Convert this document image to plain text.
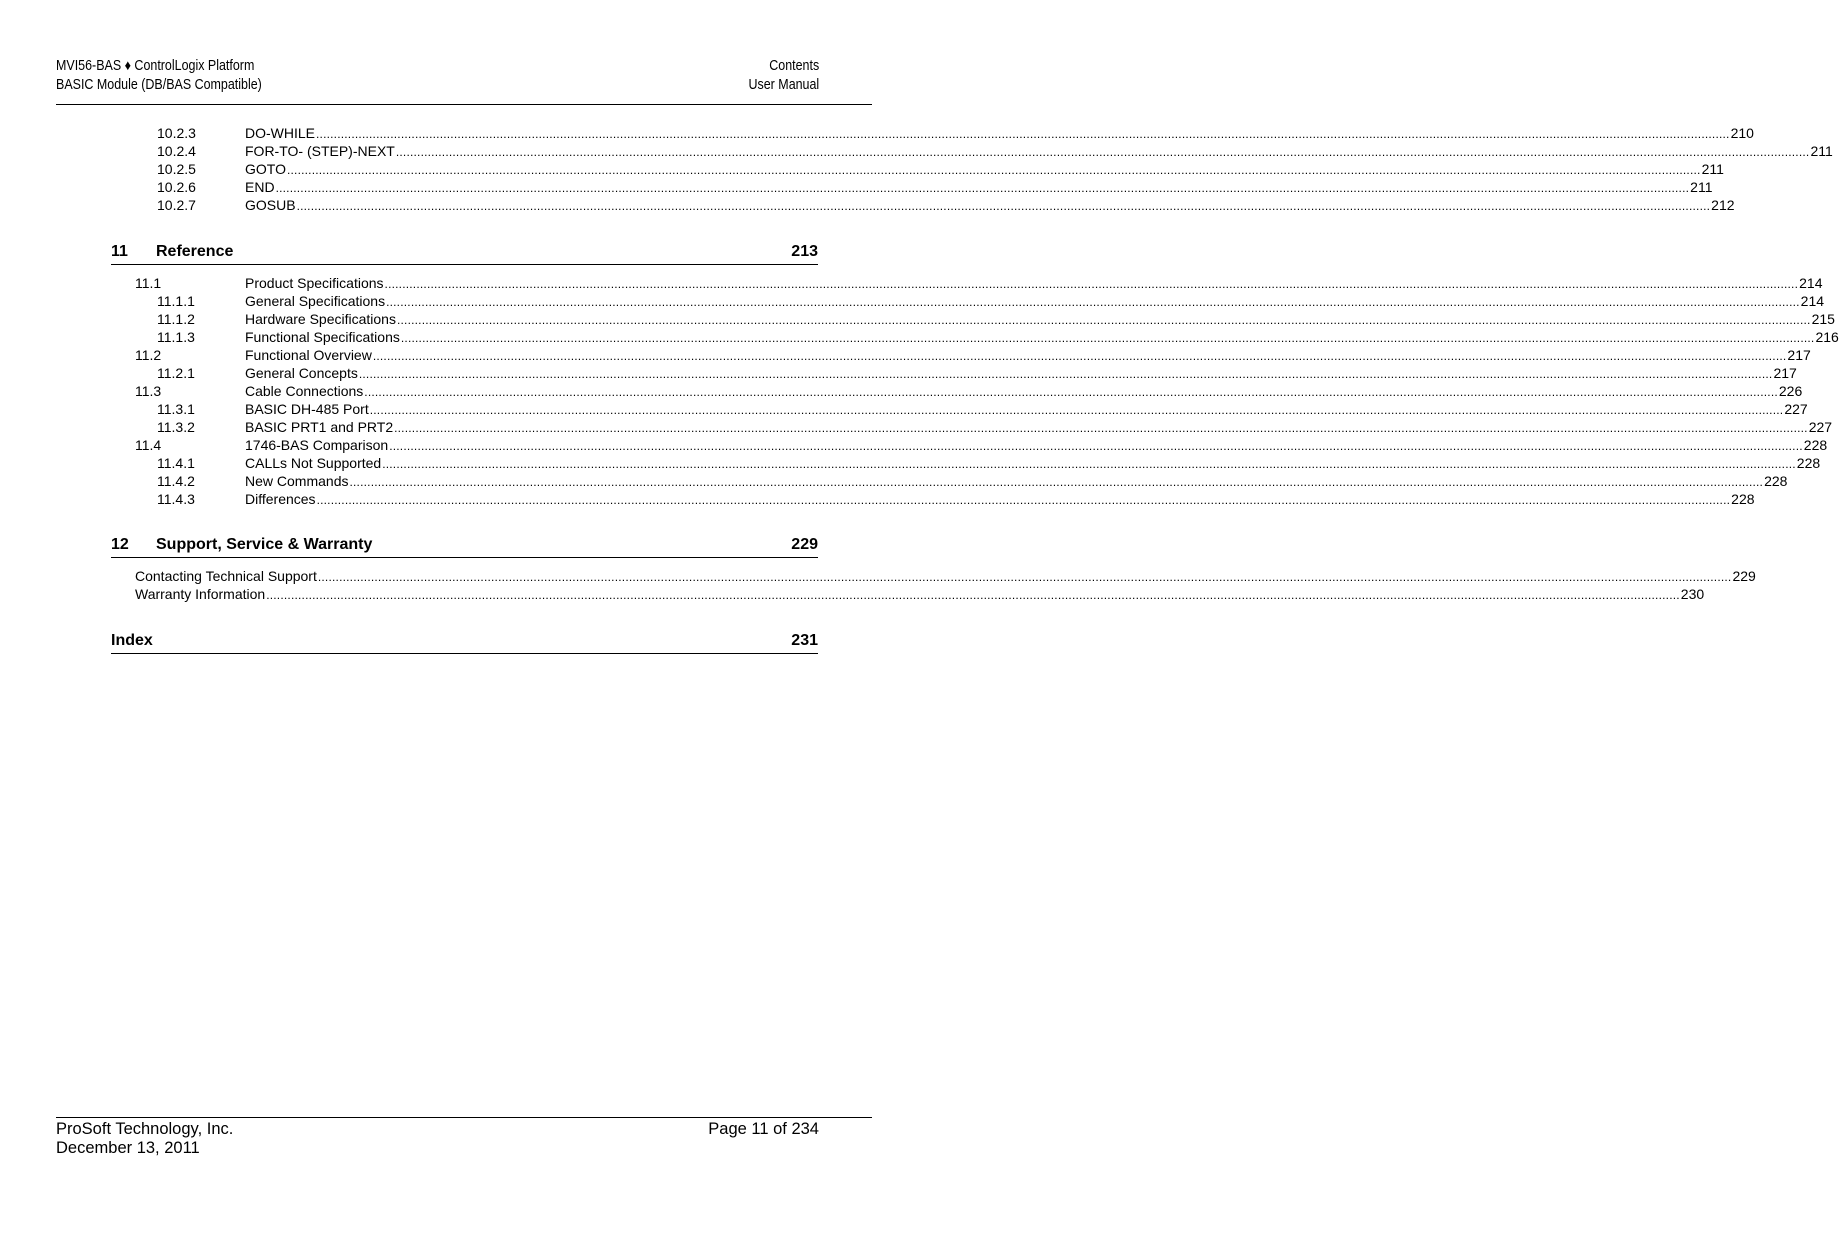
MVI56-BAS ♦ ControlLogix Platform
BASIC Module (DB/BAS Compatible)
Contents
User Manual
10.2.3	DO-WHILE ................................................................................................................................................................................................................................................................................................................................................................................................................ 210
10.2.4	FOR-TO- (STEP)-NEXT ................................................................................................................................................................................................................................................................................................................................................................................................................ 211
10.2.5	GOTO ................................................................................................................................................................................................................................................................................................................................................................................................................ 211
10.2.6	END ................................................................................................................................................................................................................................................................................................................................................................................................................ 211
10.2.7	GOSUB ................................................................................................................................................................................................................................................................................................................................................................................................................ 212
11 Reference	213
11.1	Product Specifications ................................................................................................................................................................................................................................................................................................................................................................................................................ 214
11.1.1	General Specifications ................................................................................................................................................................................................................................................................................................................................................................................................................ 214
11.1.2	Hardware Specifications ................................................................................................................................................................................................................................................................................................................................................................................................................ 215
11.1.3	Functional Specifications ................................................................................................................................................................................................................................................................................................................................................................................................................ 216
11.2	Functional Overview ................................................................................................................................................................................................................................................................................................................................................................................................................ 217
11.2.1	General Concepts ................................................................................................................................................................................................................................................................................................................................................................................................................ 217
11.3	Cable Connections ................................................................................................................................................................................................................................................................................................................................................................................................................ 226
11.3.1	BASIC DH-485 Port ................................................................................................................................................................................................................................................................................................................................................................................................................ 227
11.3.2	BASIC PRT1 and PRT2 ................................................................................................................................................................................................................................................................................................................................................................................................................ 227
11.4	1746-BAS Comparison ................................................................................................................................................................................................................................................................................................................................................................................................................ 228
11.4.1	CALLs Not Supported ................................................................................................................................................................................................................................................................................................................................................................................................................ 228
11.4.2	New Commands ................................................................................................................................................................................................................................................................................................................................................................................................................ 228
11.4.3	Differences ................................................................................................................................................................................................................................................................................................................................................................................................................ 228
12 Support, Service & Warranty	229
Contacting Technical Support ................................................................................................................................................................................................................................................................................................................................................................................................................ 229
Warranty Information ................................................................................................................................................................................................................................................................................................................................................................................................................ 230
Index	231
ProSoft Technology, Inc.
December 13, 2011
Page 11 of 234
